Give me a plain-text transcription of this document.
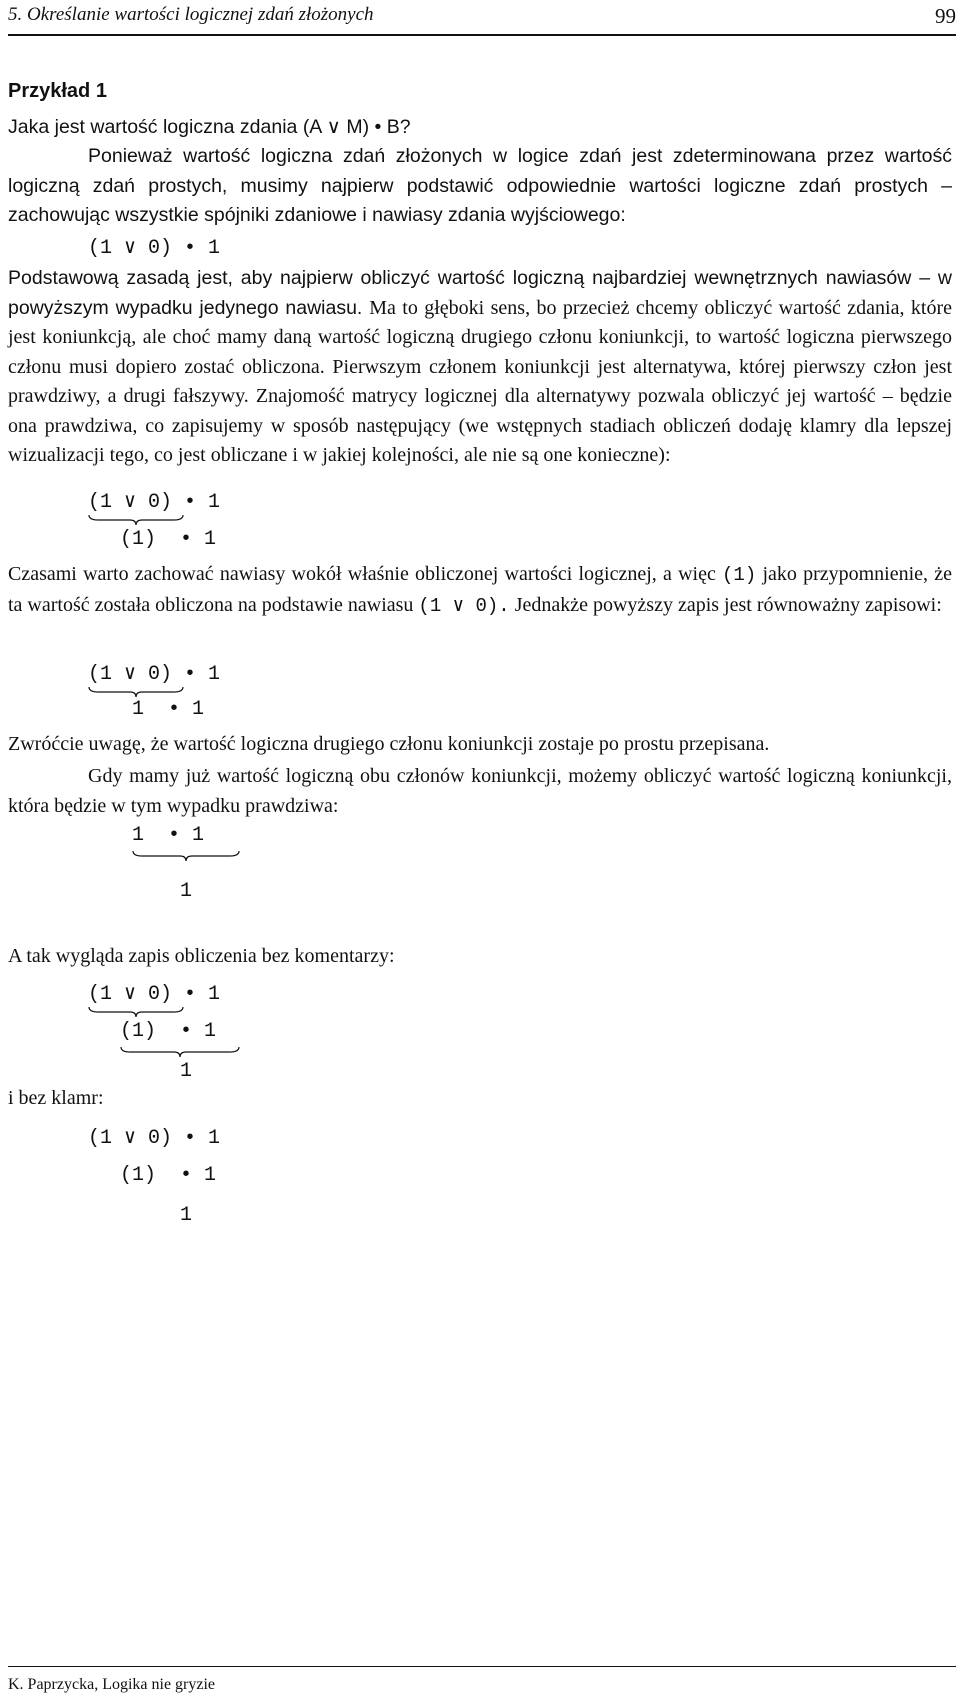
5. Określanie wartości logicznej zdań złożonych	99
Przykład 1
Jaka jest wartość logiczna zdania (A ∨ M) • B?
Ponieważ wartość logiczna zdań złożonych w logice zdań jest zdeterminowana przez wartość logiczną zdań prostych, musimy najpierw podstawić odpowiednie wartości logiczne zdań prostych – zachowując wszystkie spójniki zdaniowe i nawiasy zdania wyjściowego:
(1 ∨ 0) • 1
Podstawową zasadą jest, aby najpierw obliczyć wartość logiczną najbardziej wewnętrznych nawiasów – w powyższym wypadku jedynego nawiasu. Ma to głęboki sens, bo przecież chcemy obliczyć wartość zdania, które jest koniunkcją, ale choć mamy daną wartość logiczną drugiego członu koniunkcji, to wartość logiczna pierwszego członu musi dopiero zostać obliczona. Pierwszym członem koniunkcji jest alternatywa, której pierwszy człon jest prawdziwy, a drugi fałszywy. Znajomość matrycy logicznej dla alternatywy pozwala obliczyć jej wartość – będzie ona prawdziwa, co zapisujemy w sposób następujący (we wstępnych stadiach obliczeń dodaję klamry dla lepszej wizualizacji tego, co jest obliczane i w jakiej kolejności, ale nie są one konieczne):
(1 ∨ 0) • 1
(1)  • 1
Czasami warto zachować nawiasy wokół właśnie obliczonej wartości logicznej, a więc (1) jako przypomnienie, że ta wartość została obliczona na podstawie nawiasu (1 ∨ 0). Jednakże powyższy zapis jest równoważny zapisowi:
(1 ∨ 0) • 1
1  • 1
Zwróćcie uwagę, że wartość logiczna drugiego członu koniunkcji zostaje po prostu przepisana.
Gdy mamy już wartość logiczną obu członów koniunkcji, możemy obliczyć wartość logiczną koniunkcji, która będzie w tym wypadku prawdziwa:
1  • 1
1
A tak wygląda zapis obliczenia bez komentarzy:
(1 ∨ 0) • 1
(1)  • 1
1
i bez klamr:
(1 ∨ 0) • 1
(1)  • 1
1
K. Paprzycka, Logika nie gryzie
